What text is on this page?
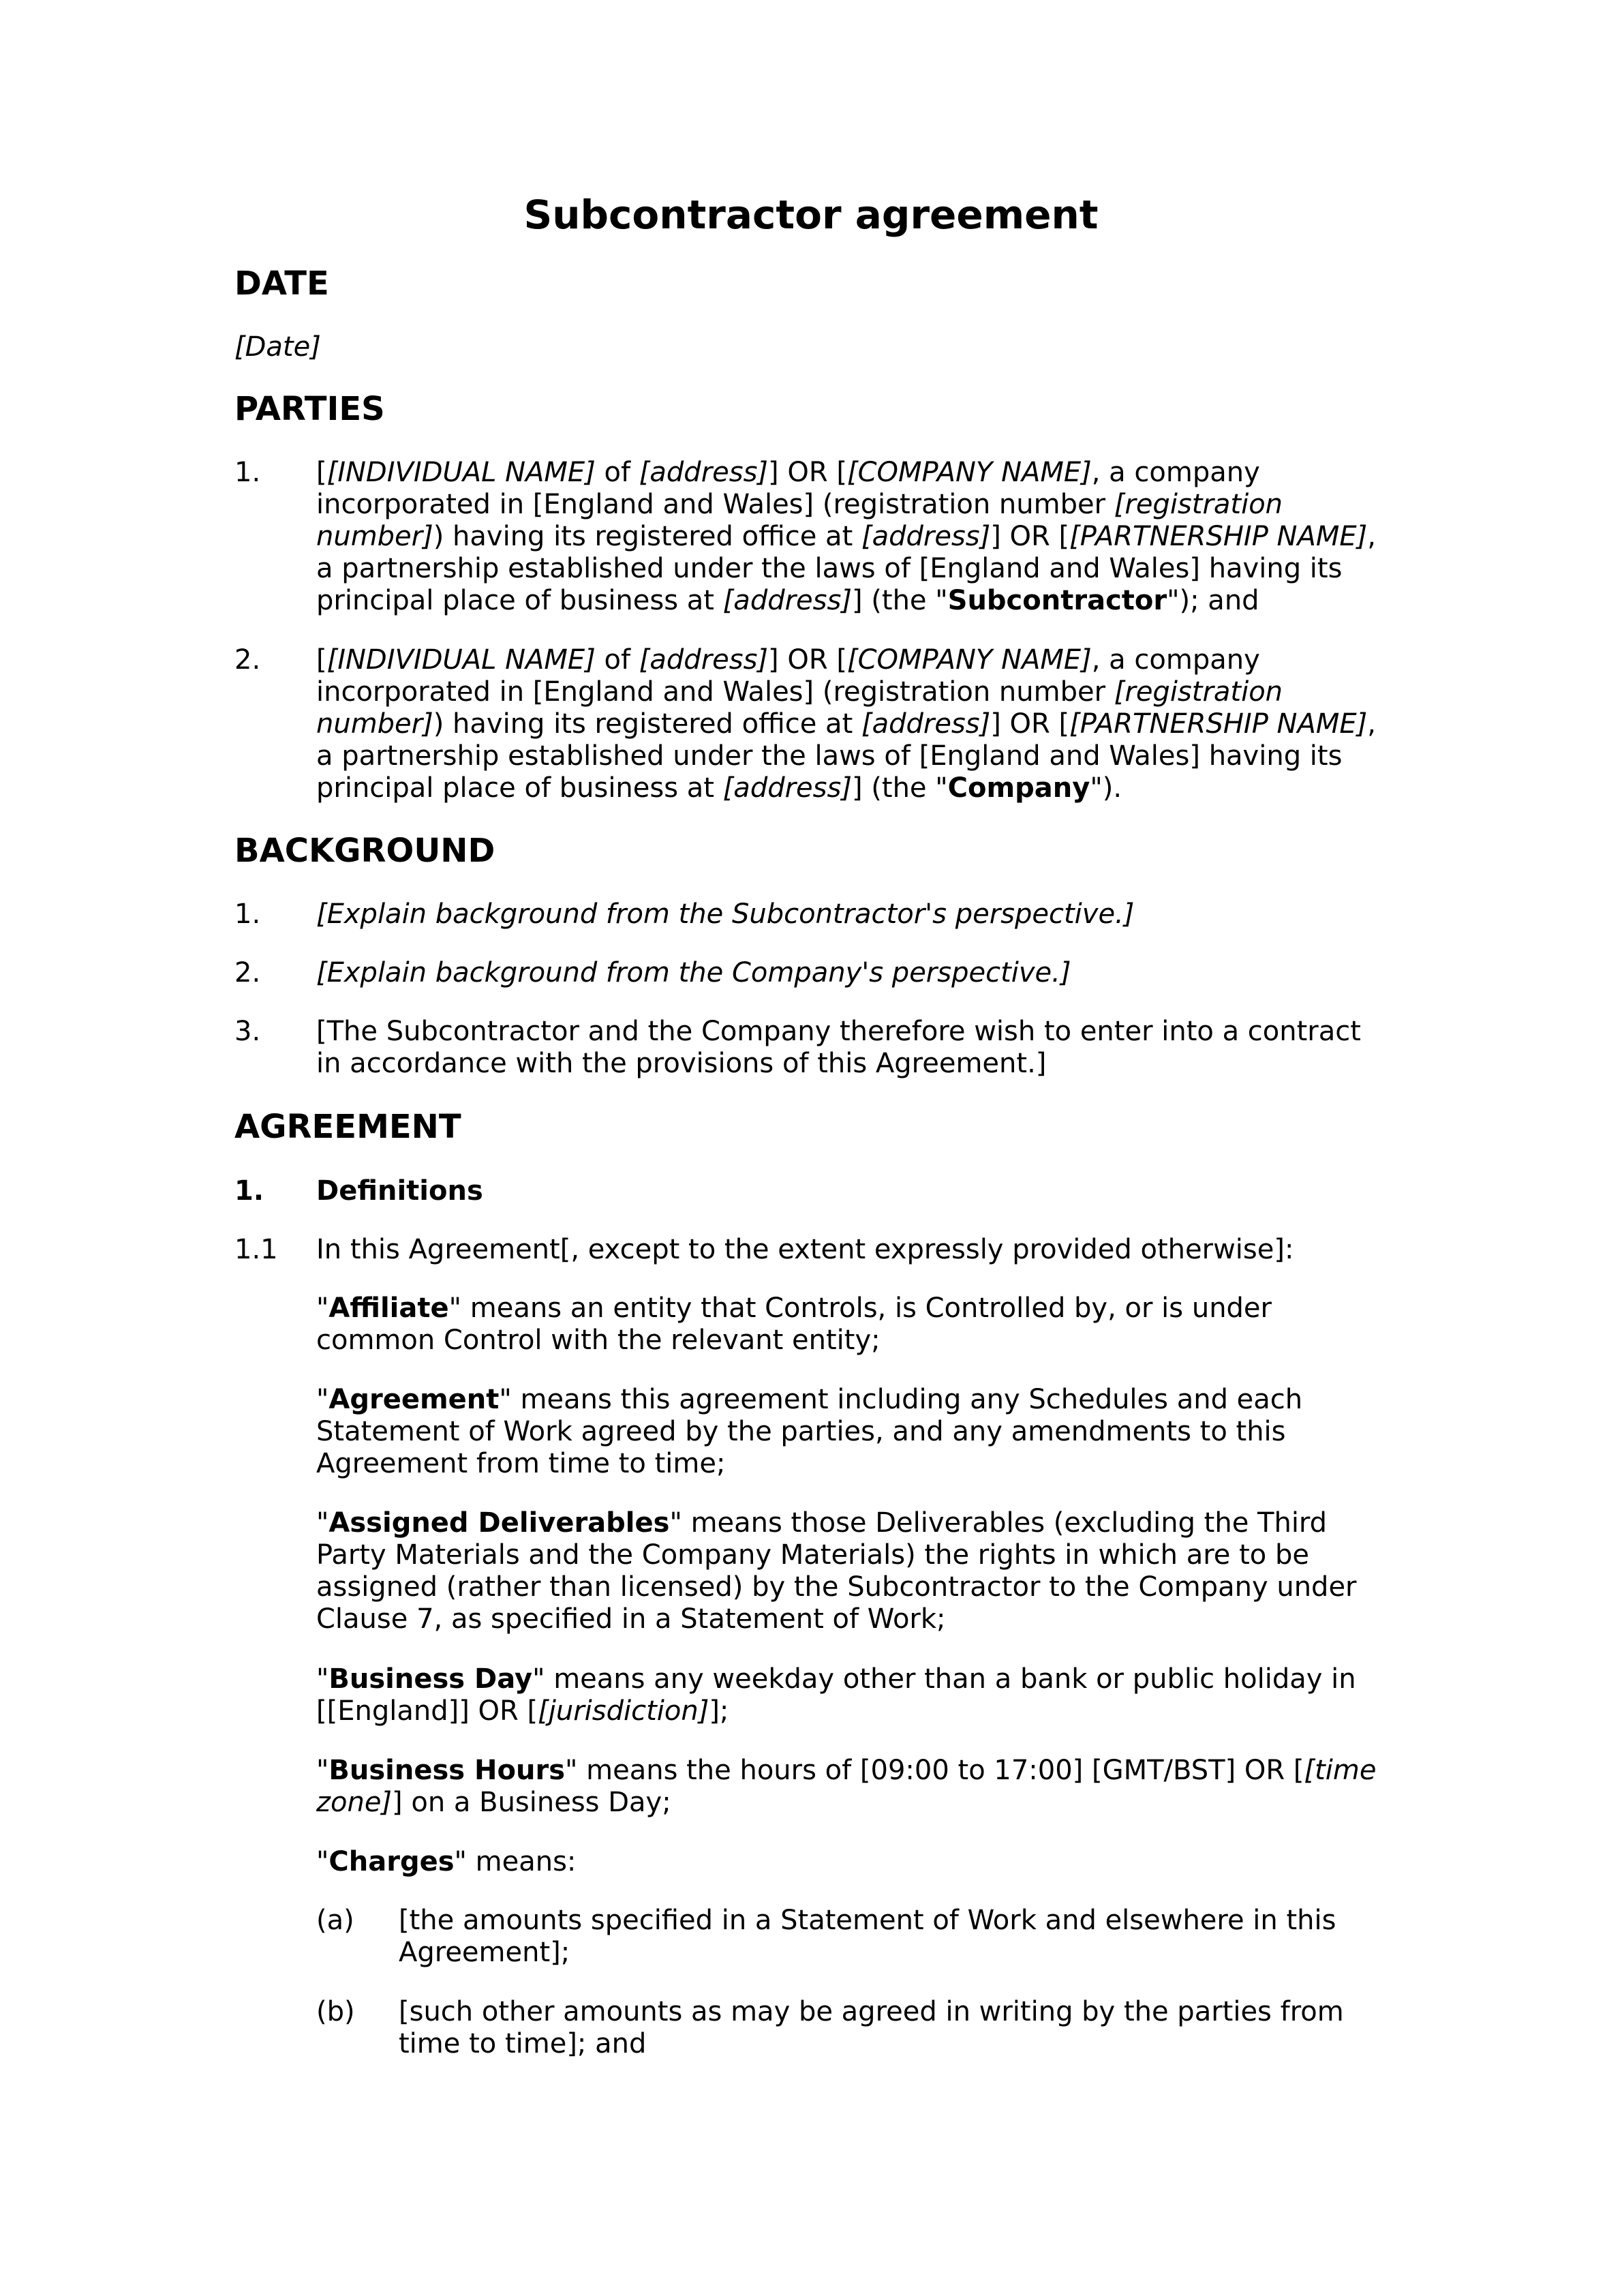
Subcontractor agreement
DATE
[Date]
PARTIES
1. [[INDIVIDUAL NAME] of [address]] OR [[COMPANY NAME], a company incorporated in [England and Wales] (registration number [registration number]) having its registered office at [address]] OR [[PARTNERSHIP NAME], a partnership established under the laws of [England and Wales] having its principal place of business at [address]] (the "Subcontractor"); and
2. [[INDIVIDUAL NAME] of [address]] OR [[COMPANY NAME], a company incorporated in [England and Wales] (registration number [registration number]) having its registered office at [address]] OR [[PARTNERSHIP NAME], a partnership established under the laws of [England and Wales] having its principal place of business at [address]] (the "Company").
BACKGROUND
1. [Explain background from the Subcontractor's perspective.]
2. [Explain background from the Company's perspective.]
3. [The Subcontractor and the Company therefore wish to enter into a contract in accordance with the provisions of this Agreement.]
AGREEMENT
1. Definitions
1.1 In this Agreement[, except to the extent expressly provided otherwise]:
"Affiliate" means an entity that Controls, is Controlled by, or is under common Control with the relevant entity;
"Agreement" means this agreement including any Schedules and each Statement of Work agreed by the parties, and any amendments to this Agreement from time to time;
"Assigned Deliverables" means those Deliverables (excluding the Third Party Materials and the Company Materials) the rights in which are to be assigned (rather than licensed) by the Subcontractor to the Company under Clause 7, as specified in a Statement of Work;
"Business Day" means any weekday other than a bank or public holiday in [[England]] OR [[jurisdiction]];
"Business Hours" means the hours of [09:00 to 17:00] [GMT/BST] OR [[time zone]] on a Business Day;
"Charges" means:
(a) [the amounts specified in a Statement of Work and elsewhere in this Agreement];
(b) [such other amounts as may be agreed in writing by the parties from time to time]; and
